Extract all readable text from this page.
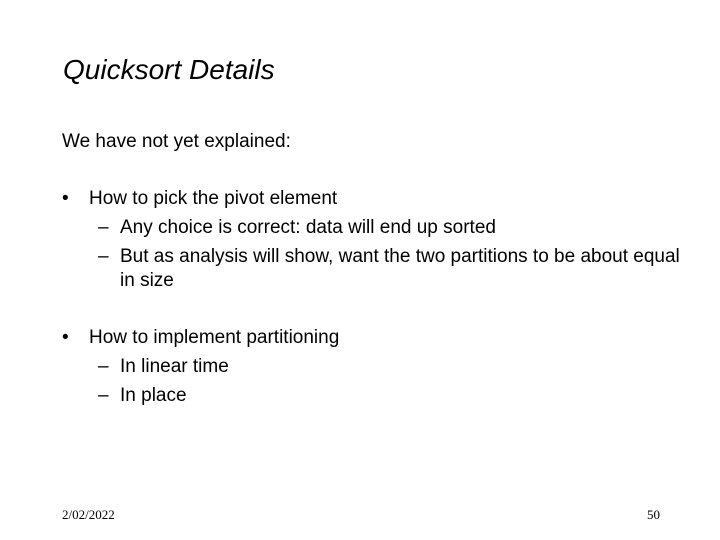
Quicksort Details
We have not yet explained:
• How to pick the pivot element
– Any choice is correct: data will end up sorted
– But as analysis will show, want the two partitions to be about equal in size
• How to implement partitioning
– In linear time
– In place
2/02/2022	50
